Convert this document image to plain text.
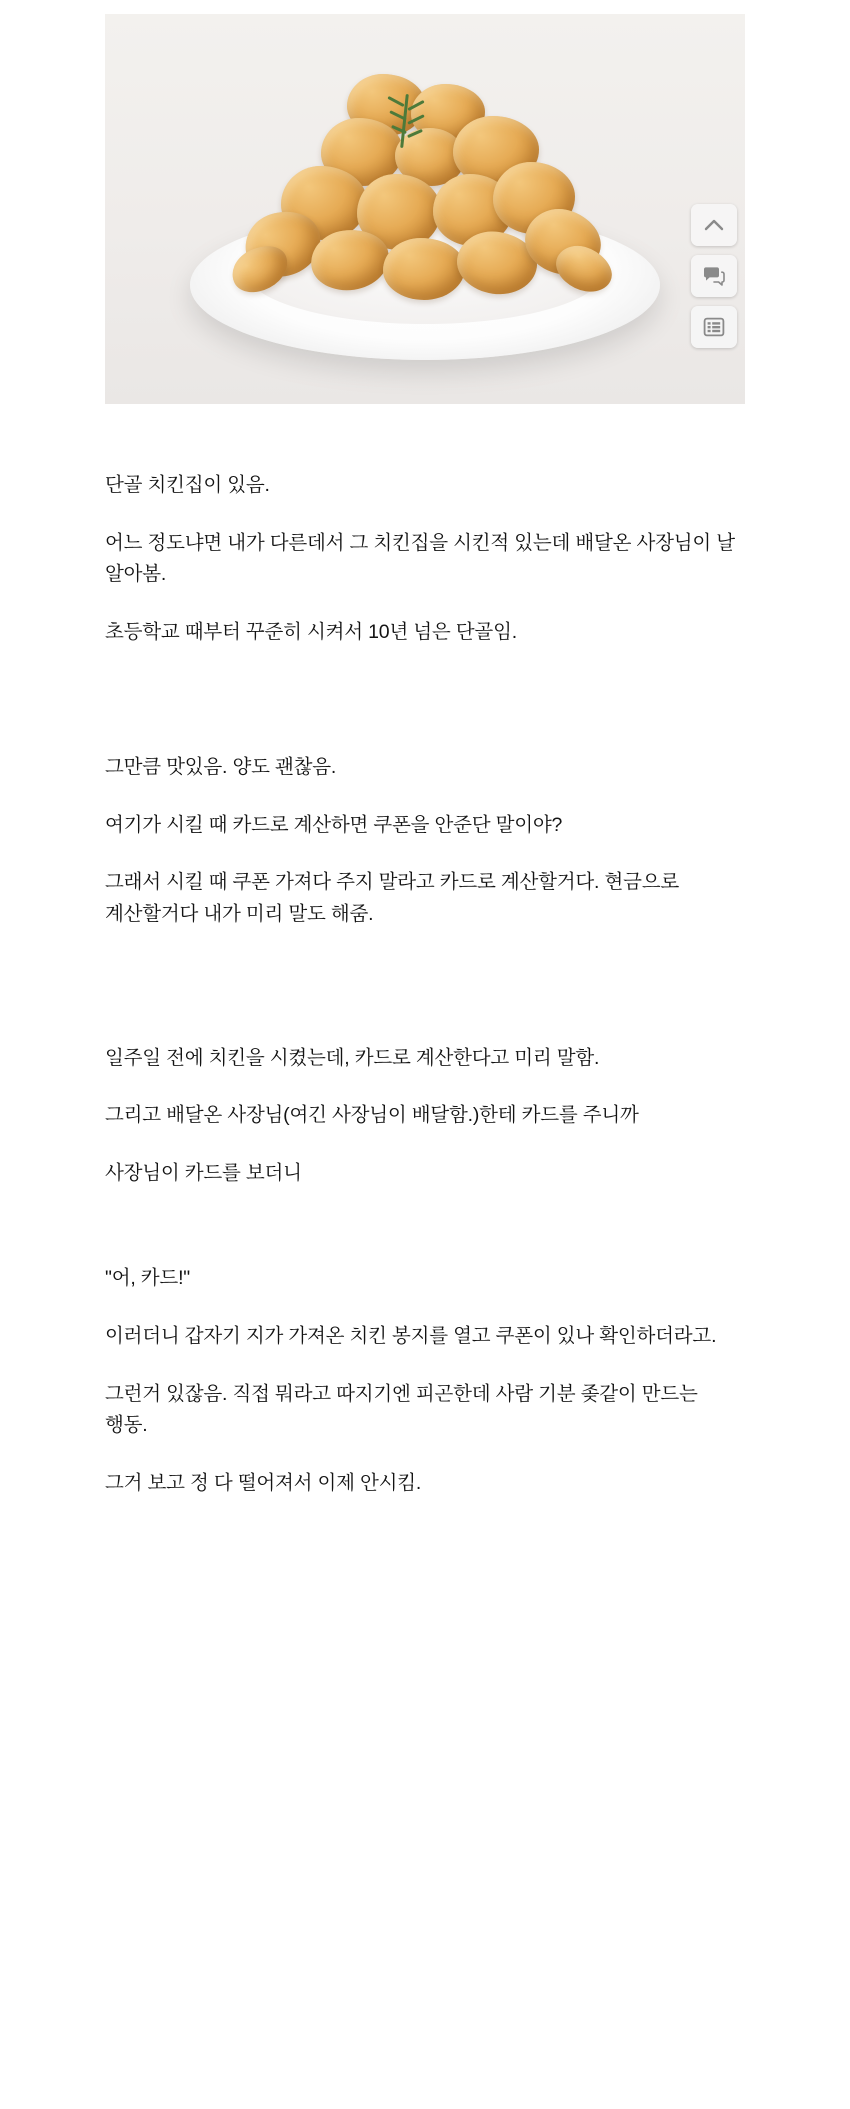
단골 치킨집이 있음.

어느 정도냐면 내가 다른데서 그 치킨집을 시킨적 있는데 배달온 사장님이 날 알아봄.

초등학교 때부터 꾸준히 시켜서 10년 넘은 단골임.

그만큼 맛있음. 양도 괜찮음.

여기가 시킬 때 카드로 계산하면 쿠폰을 안준단 말이야?

그래서 시킬 때 쿠폰 가져다 주지 말라고 카드로 계산할거다. 현금으로 계산할거다 내가 미리 말도 해줌.

일주일 전에 치킨을 시켰는데, 카드로 계산한다고 미리 말함.

그리고 배달온 사장님(여긴 사장님이 배달함.)한테 카드를 주니까

사장님이 카드를 보더니

"어, 카드!"

이러더니 갑자기 지가 가져온 치킨 봉지를 열고 쿠폰이 있나 확인하더라고.

그런거 있잖음. 직접 뭐라고 따지기엔 피곤한데 사람 기분 좆같이 만드는 행동.

그거 보고 정 다 떨어져서 이제 안시킴.
